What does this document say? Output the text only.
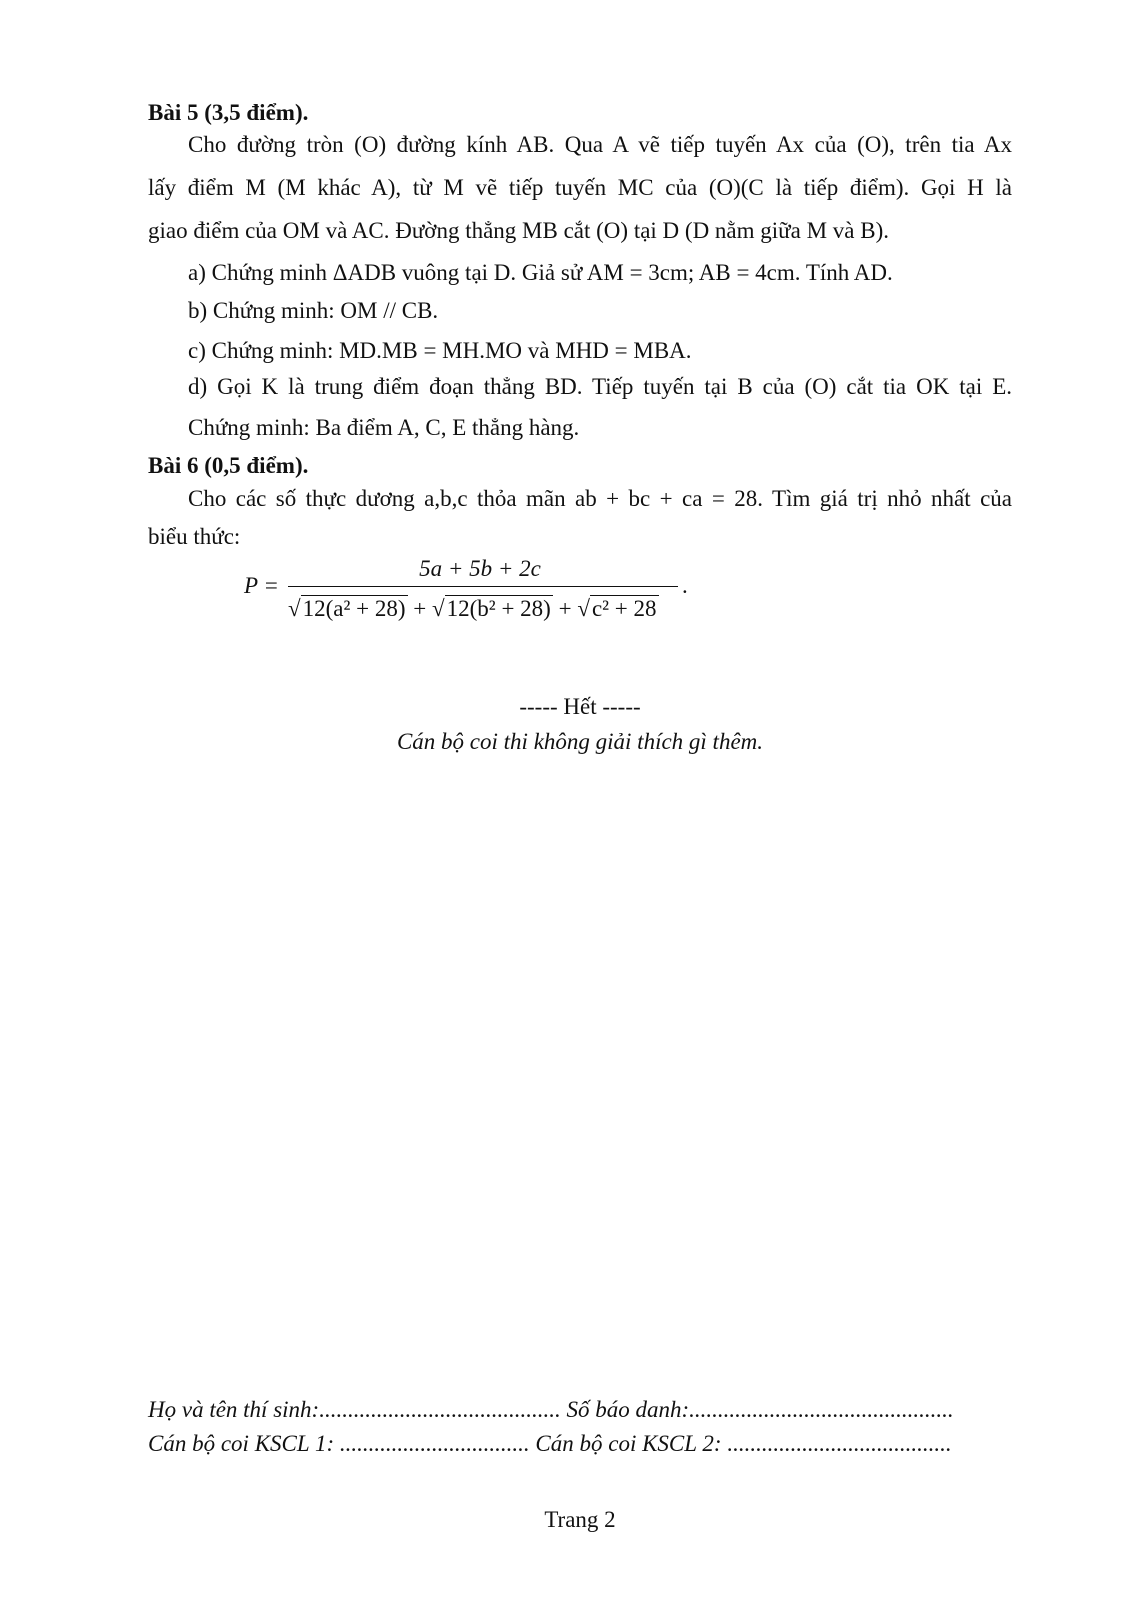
Bài 5 (3,5 điểm).
Cho đường tròn (O) đường kính AB. Qua A vẽ tiếp tuyến Ax của (O), trên tia Ax
lấy điểm M (M khác A), từ M vẽ tiếp tuyến MC của (O)(C là tiếp điểm). Gọi H là
giao điểm của OM và AC. Đường thẳng MB cắt (O) tại D (D nằm giữa M và B).
a) Chứng minh ΔADB vuông tại D. Giả sử AM = 3cm; AB = 4cm. Tính AD.
b) Chứng minh: OM // CB.
c) Chứng minh: MD.MB = MH.MO và MHD = MBA.
d) Gọi K là trung điểm đoạn thẳng BD. Tiếp tuyến tại B của (O) cắt tia OK tại E.
Chứng minh: Ba điểm A, C, E thẳng hàng.
Bài 6 (0,5 điểm).
Cho các số thực dương a,b,c thỏa mãn ab + bc + ca = 28. Tìm giá trị nhỏ nhất của
biểu thức:
P =
5a + 5b + 2c
√12(a² + 28) + √12(b² + 28) + √c² + 28
.
----- Hết -----
Cán bộ coi thi không giải thích gì thêm.
Họ và tên thí sinh:.......................................... Số báo danh:..............................................
Cán bộ coi KSCL 1: ................................. Cán bộ coi KSCL 2: .......................................
Trang 2
